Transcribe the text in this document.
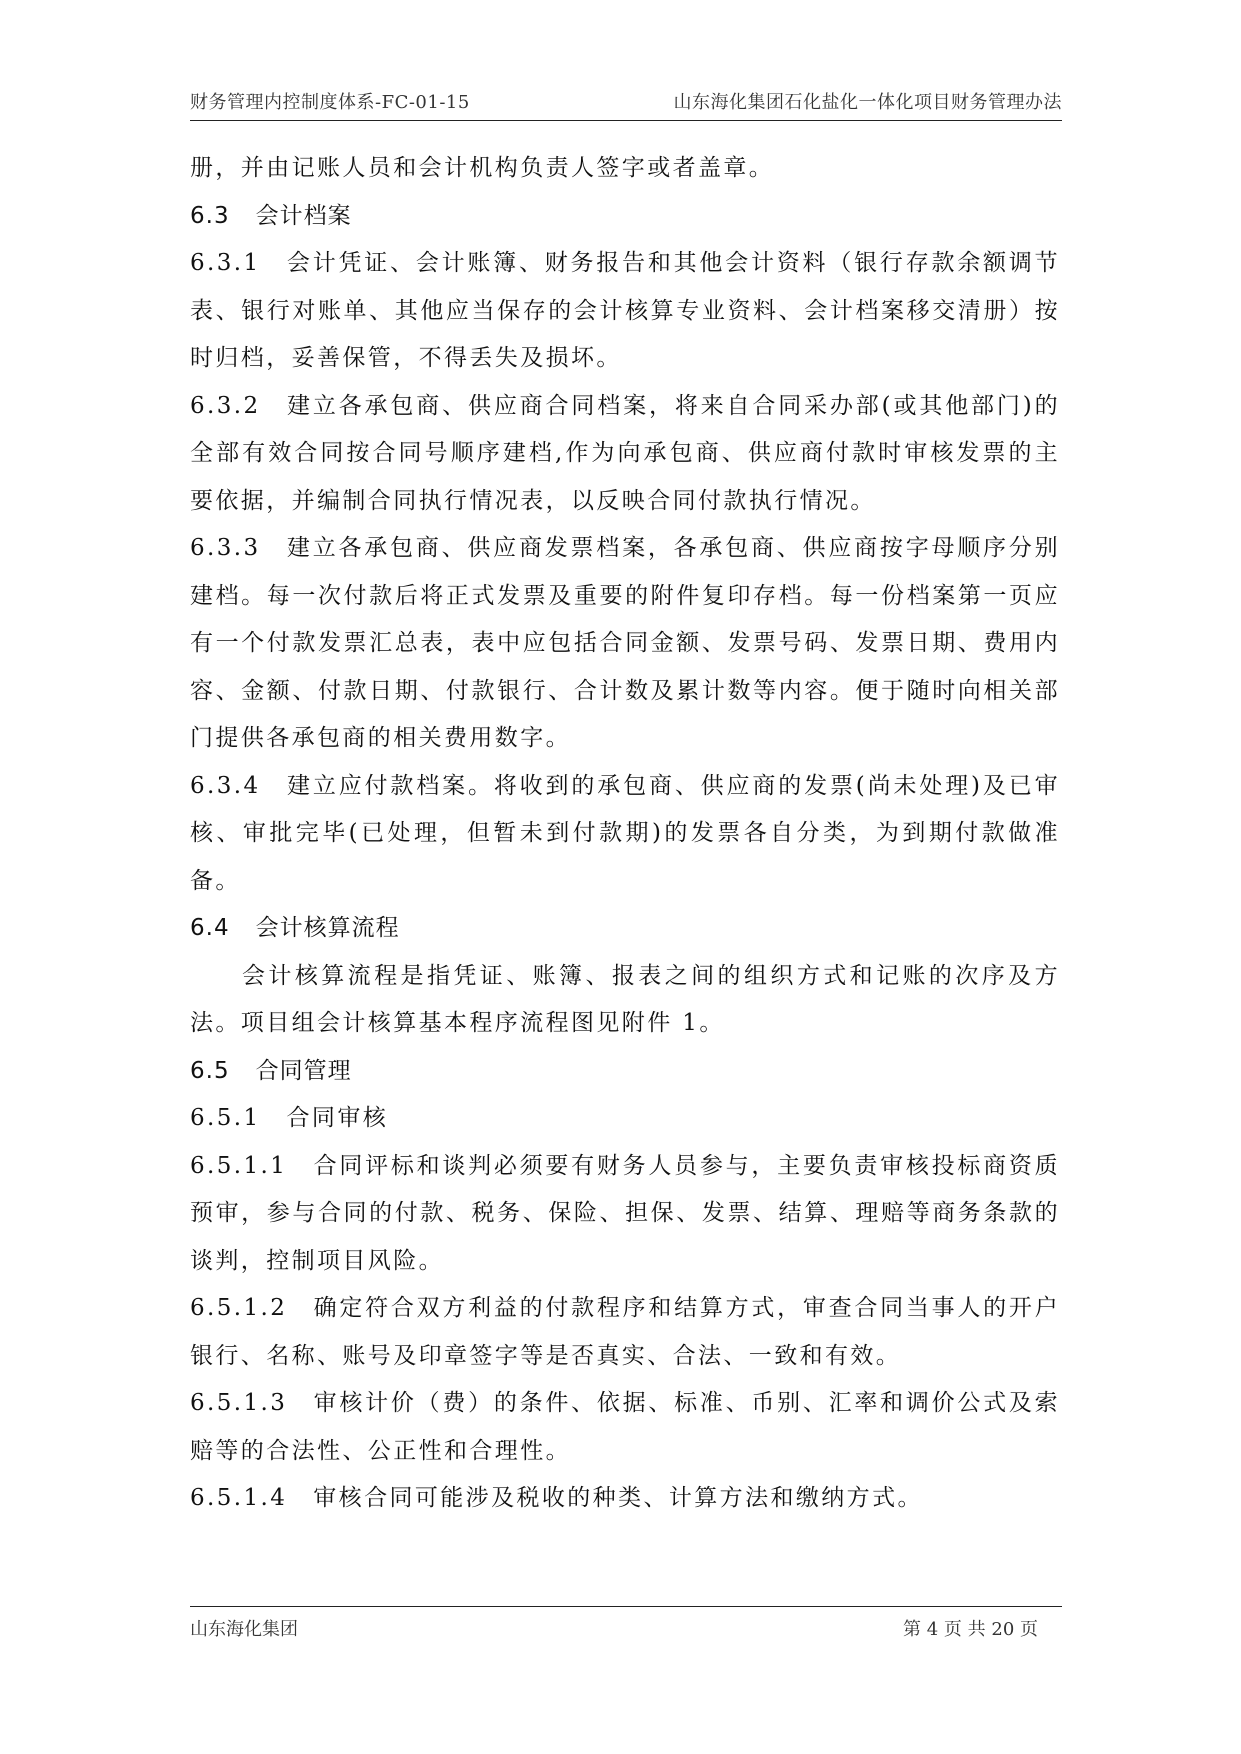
财务管理内控制度体系-FC-01-15	山东海化集团石化盐化一体化项目财务管理办法

册，并由记账人员和会计机构负责人签字或者盖章。

6.3 会计档案

6.3.1 会计凭证、会计账簿、财务报告和其他会计资料（银行存款余额调节表、银行对账单、其他应当保存的会计核算专业资料、会计档案移交清册）按时归档，妥善保管，不得丢失及损坏。

6.3.2 建立各承包商、供应商合同档案，将来自合同采办部(或其他部门)的全部有效合同按合同号顺序建档,作为向承包商、供应商付款时审核发票的主要依据，并编制合同执行情况表，以反映合同付款执行情况。

6.3.3 建立各承包商、供应商发票档案，各承包商、供应商按字母顺序分别建档。每一次付款后将正式发票及重要的附件复印存档。每一份档案第一页应有一个付款发票汇总表，表中应包括合同金额、发票号码、发票日期、费用内容、金额、付款日期、付款银行、合计数及累计数等内容。便于随时向相关部门提供各承包商的相关费用数字。

6.3.4 建立应付款档案。将收到的承包商、供应商的发票(尚未处理)及已审核、审批完毕(已处理，但暂未到付款期)的发票各自分类，为到期付款做准备。

6.4 会计核算流程

会计核算流程是指凭证、账簿、报表之间的组织方式和记账的次序及方法。项目组会计核算基本程序流程图见附件 1。

6.5 合同管理

6.5.1 合同审核

6.5.1.1 合同评标和谈判必须要有财务人员参与，主要负责审核投标商资质预审，参与合同的付款、税务、保险、担保、发票、结算、理赔等商务条款的谈判，控制项目风险。

6.5.1.2 确定符合双方利益的付款程序和结算方式，审查合同当事人的开户银行、名称、账号及印章签字等是否真实、合法、一致和有效。

6.5.1.3 审核计价（费）的条件、依据、标准、币别、汇率和调价公式及索赔等的合法性、公正性和合理性。

6.5.1.4 审核合同可能涉及税收的种类、计算方法和缴纳方式。

山东海化集团	第 4 页 共 20 页
